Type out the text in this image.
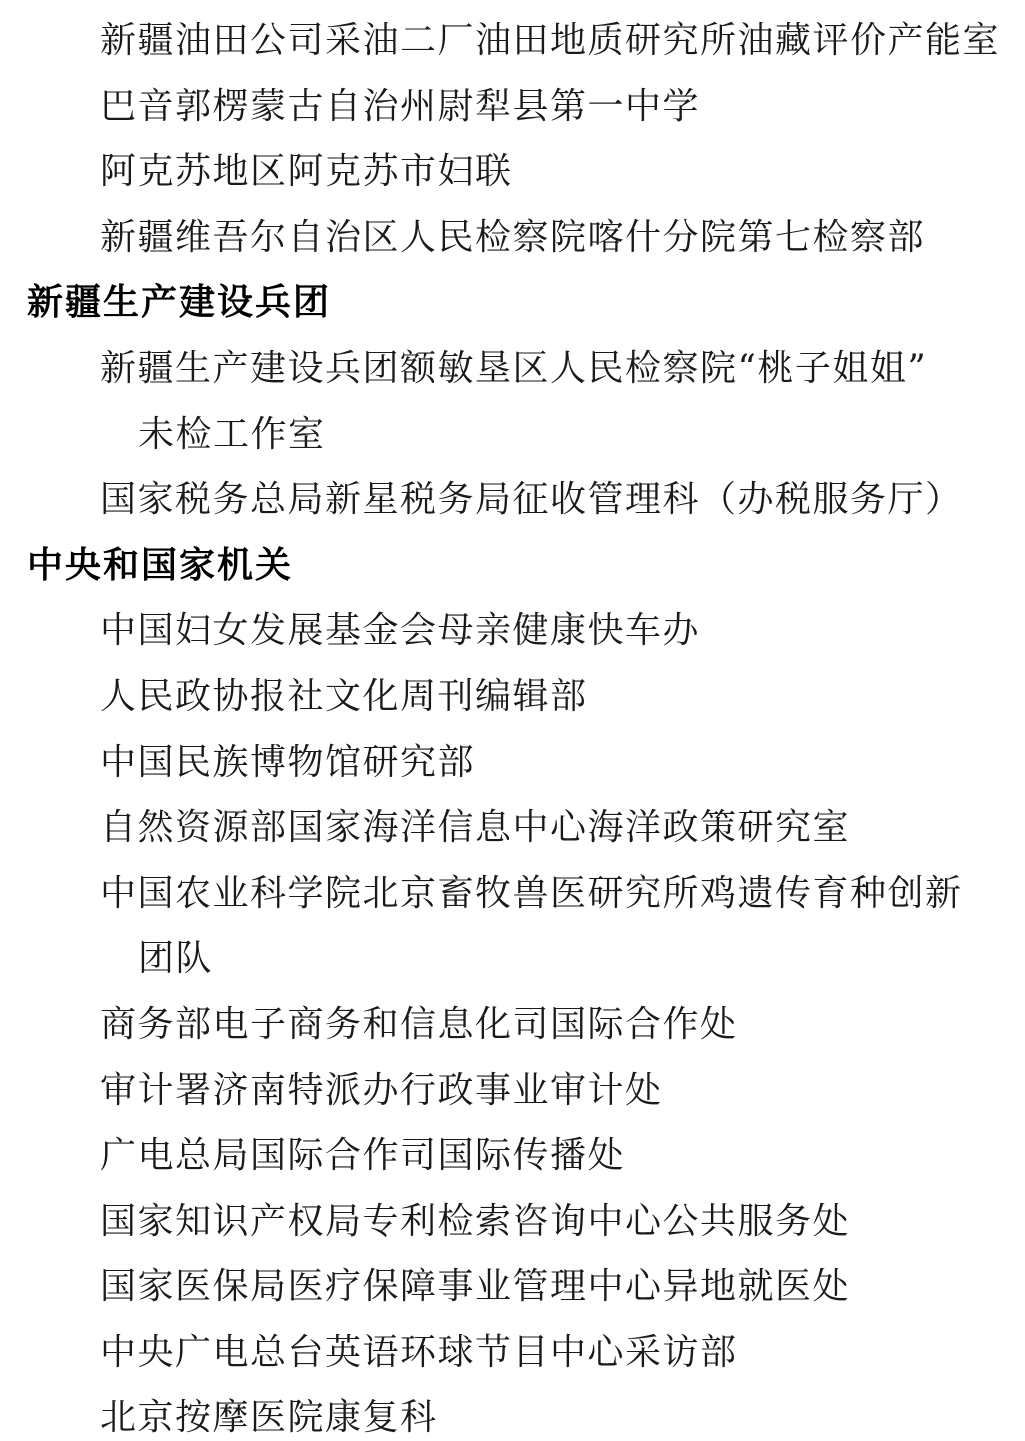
新疆油田公司采油二厂油田地质研究所油藏评价产能室

巴音郭楞蒙古自治州尉犁县第一中学

阿克苏地区阿克苏市妇联

新疆维吾尔自治区人民检察院喀什分院第七检察部

新疆生产建设兵团

新疆生产建设兵团额敏垦区人民检察院“桃子姐姐”

未检工作室

国家税务总局新星税务局征收管理科（办税服务厅）

中央和国家机关

中国妇女发展基金会母亲健康快车办

人民政协报社文化周刊编辑部

中国民族博物馆研究部

自然资源部国家海洋信息中心海洋政策研究室

中国农业科学院北京畜牧兽医研究所鸡遗传育种创新

团队

商务部电子商务和信息化司国际合作处

审计署济南特派办行政事业审计处

广电总局国际合作司国际传播处

国家知识产权局专利检索咨询中心公共服务处

国家医保局医疗保障事业管理中心异地就医处

中央广电总台英语环球节目中心采访部

北京按摩医院康复科
